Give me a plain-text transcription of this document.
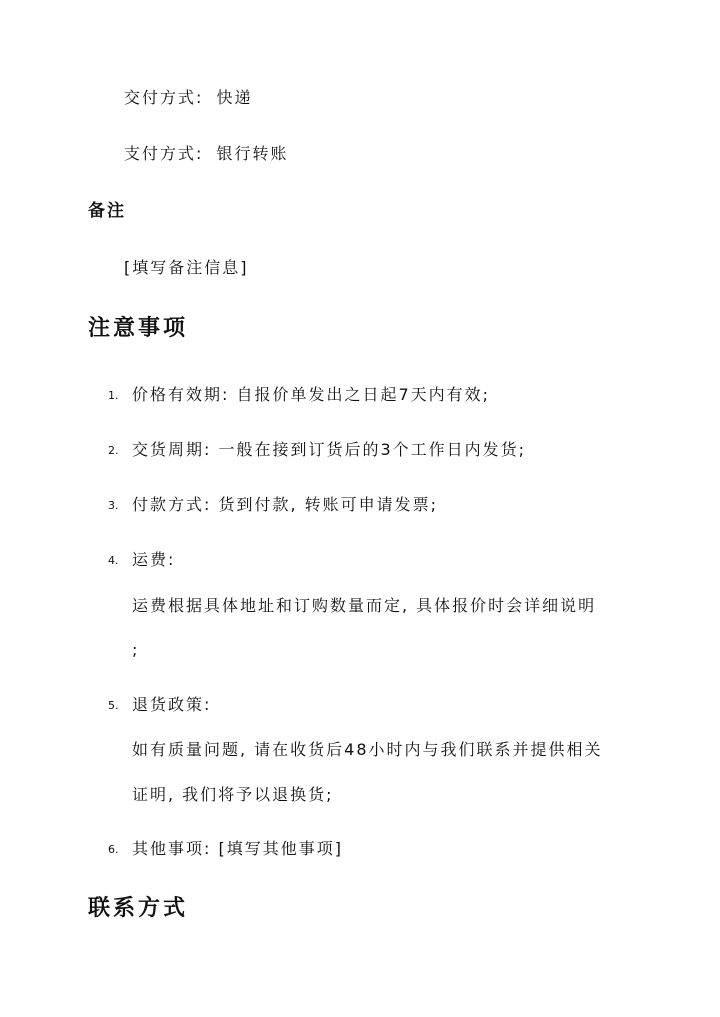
交付方式: 快递
支付方式: 银行转账
备注
[填写备注信息]
注意事项
1. 价格有效期: 自报价单发出之日起7天内有效;
2. 交货周期: 一般在接到订货后的3个工作日内发货;
3. 付款方式: 货到付款, 转账可申请发票;
4. 运费:
运费根据具体地址和订购数量而定, 具体报价时会详细说明
;
5. 退货政策:
如有质量问题, 请在收货后48小时内与我们联系并提供相关
证明, 我们将予以退换货;
6. 其他事项: [填写其他事项]
联系方式
